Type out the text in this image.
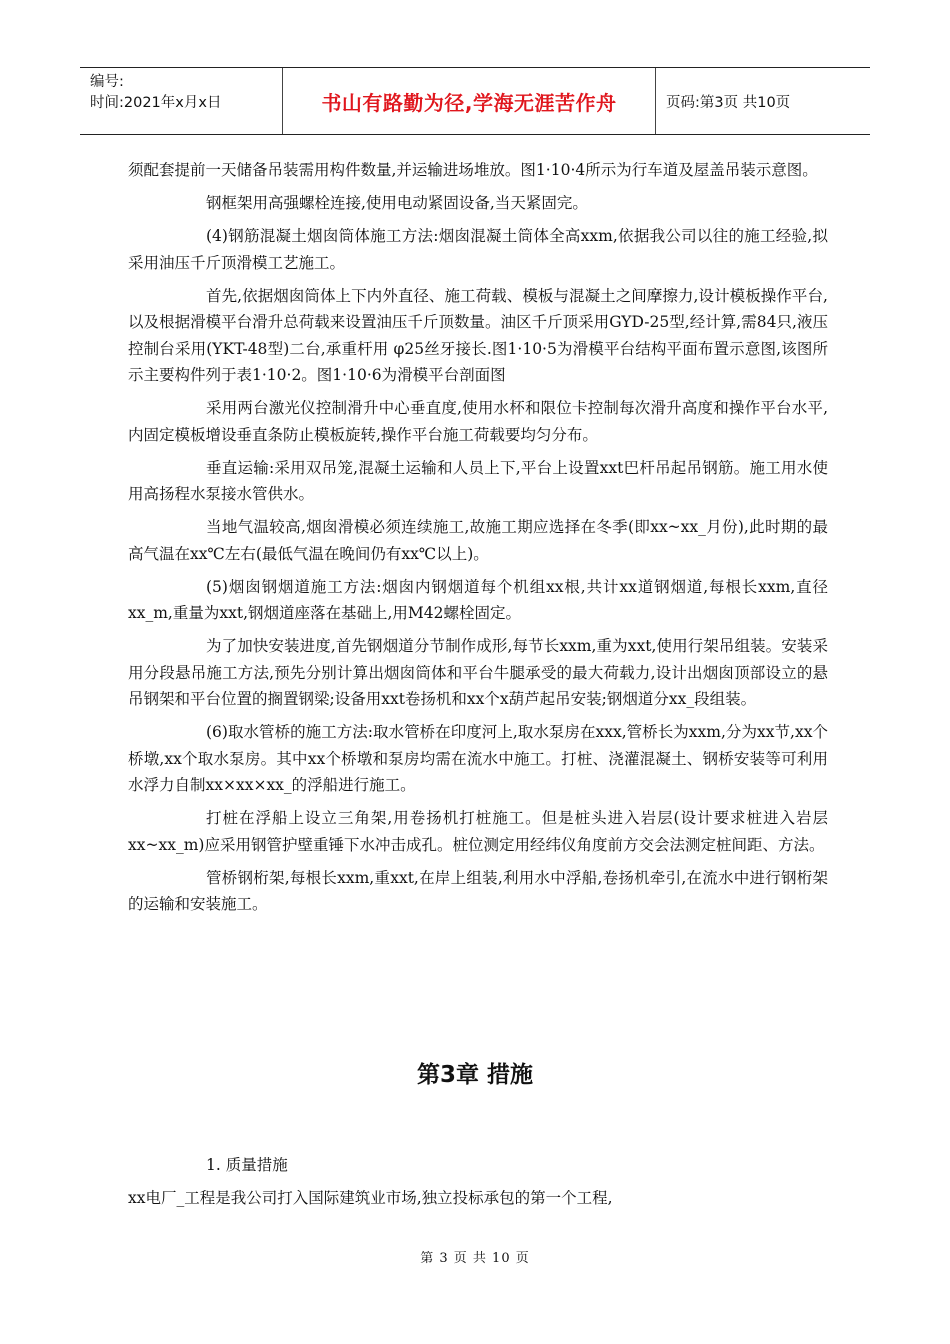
编号:
时间:2021年x月x日	书山有路勤为径,学海无涯苦作舟	页码:第3页 共10页

须配套提前一天储备吊装需用构件数量,并运输进场堆放。图1·10·4所示为行车道及屋盖吊装示意图。

钢框架用高强螺栓连接,使用电动紧固设备,当天紧固完。

(4)钢筋混凝土烟囱筒体施工方法:烟囱混凝土筒体全高xxm,依据我公司以往的施工经验,拟采用油压千斤顶滑模工艺施工。

首先,依据烟囱筒体上下内外直径、施工荷载、模板与混凝土之间摩擦力,设计模板操作平台,以及根据滑模平台滑升总荷载来设置油压千斤顶数量。油区千斤顶采用GYD-25型,经计算,需84只,液压控制台采用(YKT-48型)二台,承重杆用 φ25丝牙接长.图1·10·5为滑模平台结构平面布置示意图,该图所示主要构件列于表1·10·2。图1·10·6为滑模平台剖面图

采用两台激光仪控制滑升中心垂直度,使用水杯和限位卡控制每次滑升高度和操作平台水平,内固定模板增设垂直条防止模板旋转,操作平台施工荷载要均匀分布。

垂直运输:采用双吊笼,混凝土运输和人员上下,平台上设置xxt巴杆吊起吊钢筋。施工用水使用高扬程水泵接水管供水。

当地气温较高,烟囱滑模必须连续施工,故施工期应选择在冬季(即xx~xx_月份),此时期的最高气温在xx℃左右(最低气温在晚间仍有xx℃以上)。

(5)烟囱钢烟道施工方法:烟囱内钢烟道每个机组xx根,共计xx道钢烟道,每根长xxm,直径xx_m,重量为xxt,钢烟道座落在基础上,用M42螺栓固定。

为了加快安装进度,首先钢烟道分节制作成形,每节长xxm,重为xxt,使用行架吊组装。安装采用分段悬吊施工方法,预先分别计算出烟囱筒体和平台牛腿承受的最大荷载力,设计出烟囱顶部设立的悬吊钢架和平台位置的搁置钢梁;设备用xxt卷扬机和xx个x葫芦起吊安装;钢烟道分xx_段组装。

(6)取水管桥的施工方法:取水管桥在印度河上,取水泵房在xxx,管桥长为xxm,分为xx节,xx个桥墩,xx个取水泵房。其中xx个桥墩和泵房均需在流水中施工。打桩、浇灌混凝土、钢桥安装等可利用水浮力自制xx×xx×xx_的浮船进行施工。

打桩在浮船上设立三角架,用卷扬机打桩施工。但是桩头进入岩层(设计要求桩进入岩层xx~xx_m)应采用钢管护壁重锤下水冲击成孔。桩位测定用经纬仪角度前方交会法测定桩间距、方法。

管桥钢桁架,每根长xxm,重xxt,在岸上组装,利用水中浮船,卷扬机牵引,在流水中进行钢桁架的运输和安装施工。

第3章 措施

1. 质量措施

xx电厂_工程是我公司打入国际建筑业市场,独立投标承包的第一个工程,

第 3 页 共 10 页
